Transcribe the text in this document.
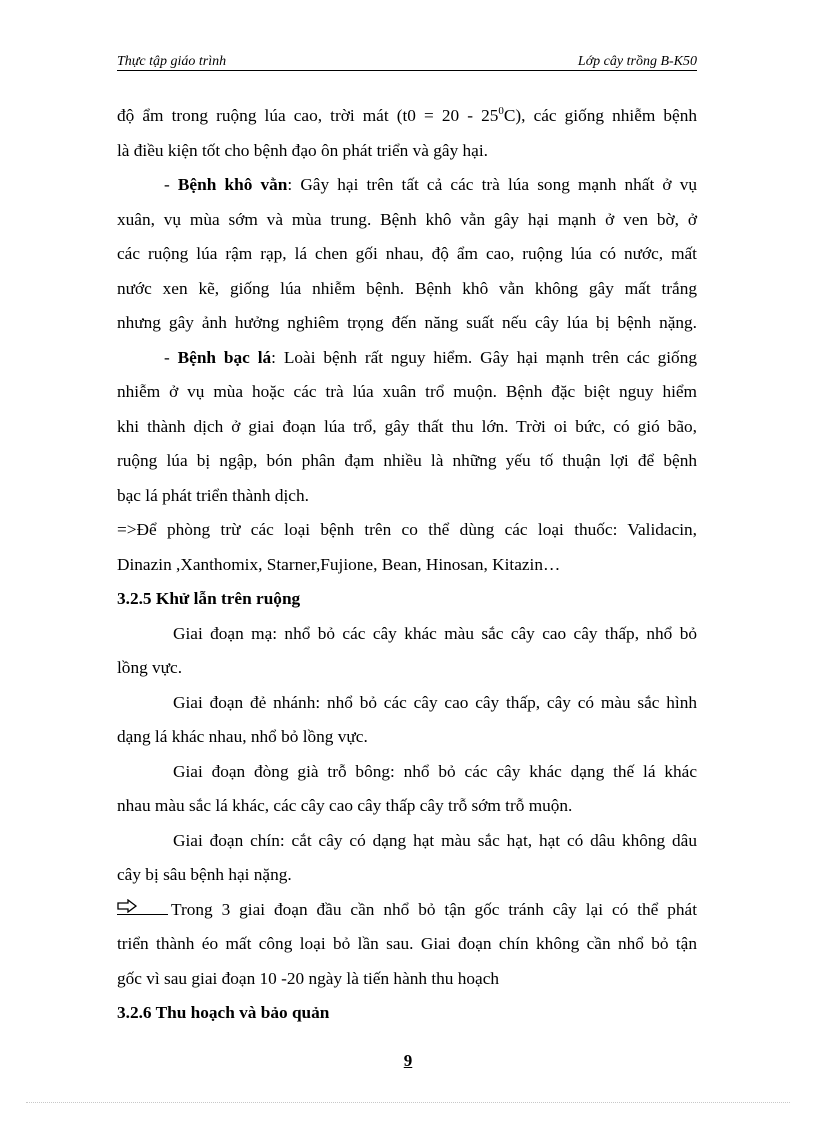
Thực tập giáo trình	Lớp cây trồng B-K50
độ ẩm trong ruộng lúa cao, trời mát $(t0 = 20 - 25^0C)$, các giống nhiễm bệnh
là điều kiện tốt cho bệnh đạo ôn phát triển và gây hại.
- Bệnh khô vằn: Gây hại trên tất cả các trà lúa song mạnh nhất ở vụ
xuân, vụ mùa sớm và mùa trung. Bệnh khô vằn gây hại mạnh ở ven bờ, ở
các ruộng lúa rậm rạp, lá chen gối nhau, độ ẩm cao, ruộng lúa có nước, mất
nước xen kẽ, giống lúa nhiễm bệnh. Bệnh khô vằn không gây mất trắng
nhưng gây ảnh hưởng nghiêm trọng đến năng suất nếu cây lúa bị bệnh nặng.
- Bệnh bạc lá: Loài bệnh rất nguy hiểm. Gây hại mạnh trên các giống
nhiễm ở vụ mùa hoặc các trà lúa xuân trổ muộn. Bệnh đặc biệt nguy hiểm
khi thành dịch ở giai đoạn lúa trổ, gây thất thu lớn. Trời oi bức, có gió bão,
ruộng lúa bị ngập, bón phân đạm nhiều là những yếu tố thuận lợi để bệnh
bạc lá phát triển thành dịch.
=>Để phòng trừ các loại bệnh trên co thể dùng các loại thuốc: Validacin,
Dinazin ,Xanthomix, Starner,Fujione, Bean, Hinosan, Kitazin…
3.2.5 Khử lẫn trên ruộng
Giai đoạn mạ: nhổ bỏ các cây khác màu sắc cây cao cây thấp, nhổ bỏ
lồng vực.
Giai đoạn đẻ nhánh: nhổ bỏ các cây cao cây thấp, cây có màu sắc hình
dạng lá khác nhau, nhổ bỏ lồng vực.
Giai đoạn đòng già trỗ bông: nhổ bỏ các cây khác dạng thế lá khác
nhau màu sắc lá khác, các cây cao cây thấp cây trỗ sớm trỗ muộn.
Giai đoạn chín: cắt cây có dạng hạt màu sắc hạt, hạt có dâu không dâu
cây bị sâu bệnh hại nặng.
Trong 3 giai đoạn đầu cần nhổ bỏ tận gốc tránh cây lại có thể phát
triển thành éo mất công loại bỏ lần sau. Giai đoạn chín không cần nhổ bỏ tận
gốc vì sau giai đoạn 10 -20 ngày là tiến hành thu hoạch
3.2.6 Thu hoạch và bảo quản
9
